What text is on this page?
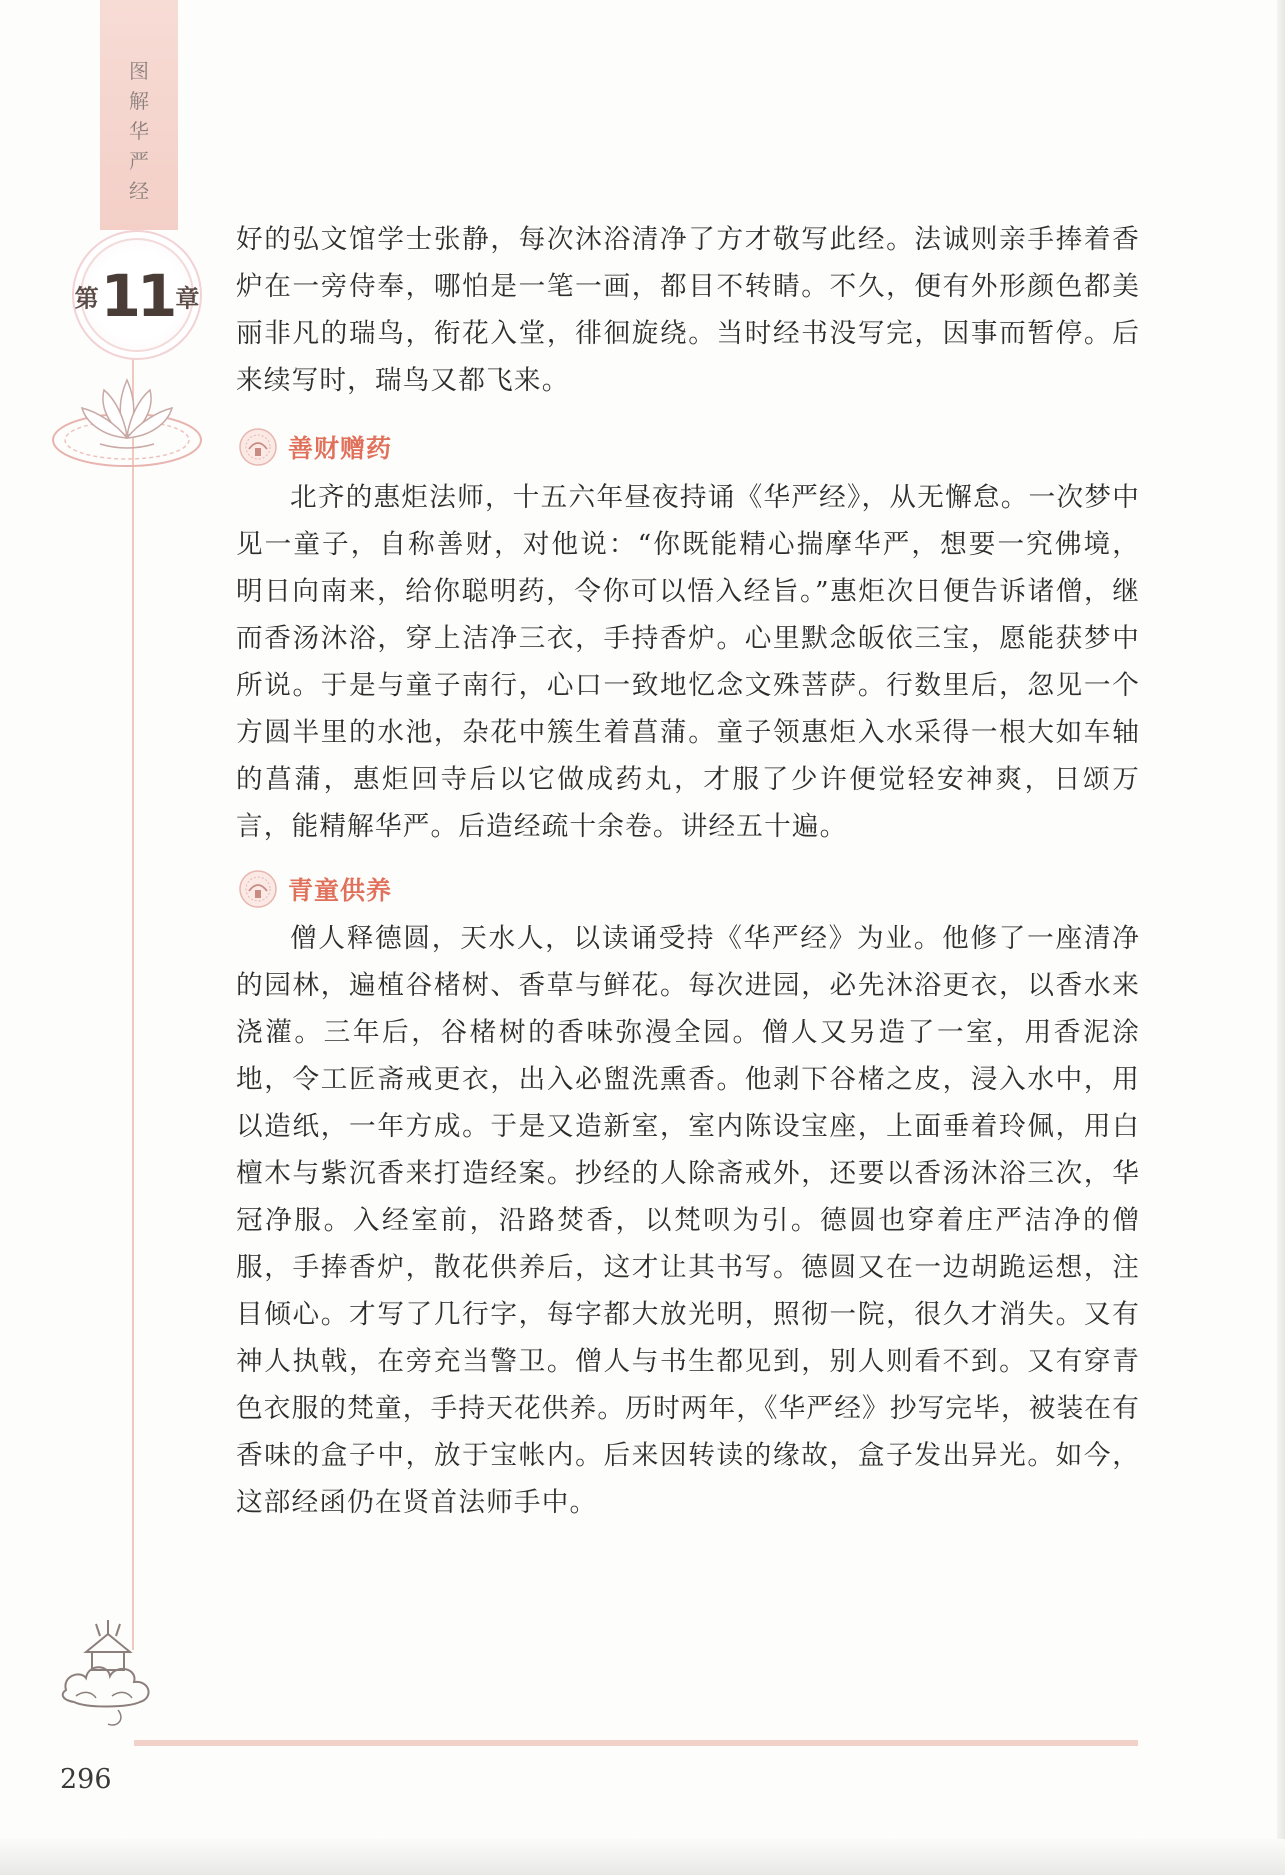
图
解
华
严
经
第11章
好的弘文馆学士张静，每次沐浴清净了方才敬写此经。法诚则亲手捧着香炉在一旁侍奉，哪怕是一笔一画，都目不转睛。不久，便有外形颜色都美丽非凡的瑞鸟，衔花入堂，徘徊旋绕。当时经书没写完，因事而暂停。后来续写时，瑞鸟又都飞来。
善财赠药
北齐的惠炬法师，十五六年昼夜持诵《华严经》，从无懈怠。一次梦中见一童子，自称善财，对他说：“你既能精心揣摩华严，想要一究佛境，明日向南来，给你聪明药，令你可以悟入经旨。”惠炬次日便告诉诸僧，继而香汤沐浴，穿上洁净三衣，手持香炉。心里默念皈依三宝，愿能获梦中所说。于是与童子南行，心口一致地忆念文殊菩萨。行数里后，忽见一个方圆半里的水池，杂花中簇生着菖蒲。童子领惠炬入水采得一根大如车轴的菖蒲，惠炬回寺后以它做成药丸，才服了少许便觉轻安神爽，日颂万言，能精解华严。后造经疏十余卷。讲经五十遍。
青童供养
僧人释德圆，天水人，以读诵受持《华严经》为业。他修了一座清净的园林，遍植谷楮树、香草与鲜花。每次进园，必先沐浴更衣，以香水来浇灌。三年后，谷楮树的香味弥漫全园。僧人又另造了一室，用香泥涂地，令工匠斋戒更衣，出入必盥洗熏香。他剥下谷楮之皮，浸入水中，用以造纸，一年方成。于是又造新室，室内陈设宝座，上面垂着玲佩，用白檀木与紫沉香来打造经案。抄经的人除斋戒外，还要以香汤沐浴三次，华冠净服。入经室前，沿路焚香，以梵呗为引。德圆也穿着庄严洁净的僧服，手捧香炉，散花供养后，这才让其书写。德圆又在一边胡跪运想，注目倾心。才写了几行字，每字都大放光明，照彻一院，很久才消失。又有神人执戟，在旁充当警卫。僧人与书生都见到，别人则看不到。又有穿青色衣服的梵童，手持天花供养。历时两年，《华严经》抄写完毕，被装在有香味的盒子中，放于宝帐内。后来因转读的缘故，盒子发出异光。如今，这部经函仍在贤首法师手中。
296
